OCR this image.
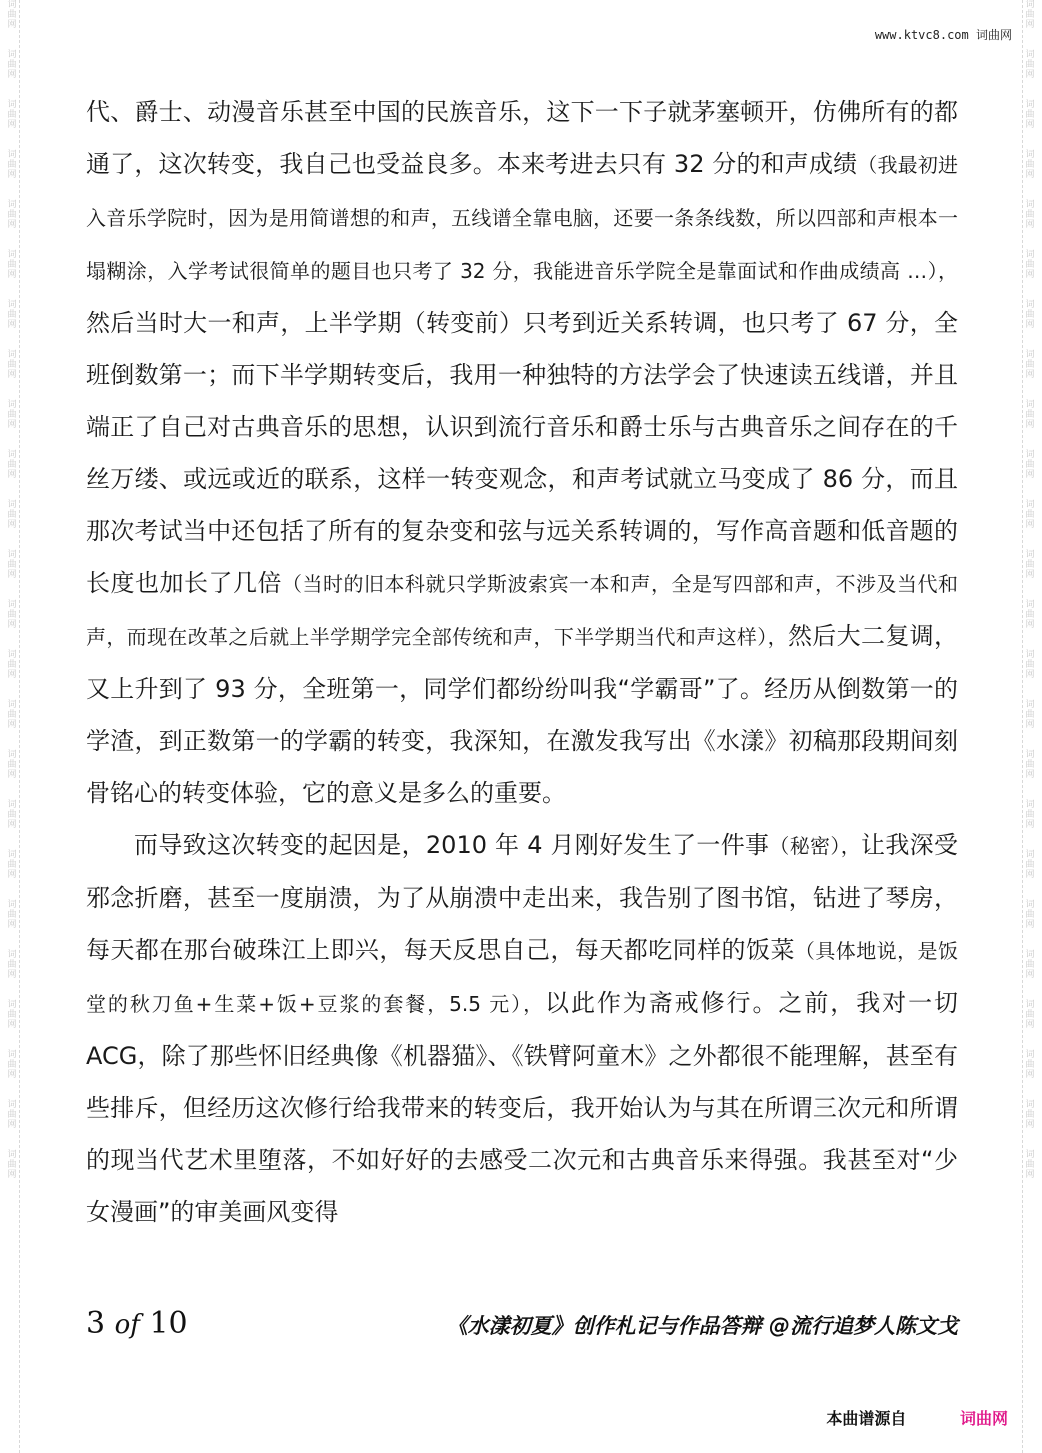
词
曲
网

词
曲
网

词
曲
网

词
曲
网

词
曲
网

词
曲
网

词
曲
网

词
曲
网

词
曲
网

词
曲
网

词
曲
网

词
曲
网

词
曲
网

词
曲
网

词
曲
网

词
曲
网

词
曲
网

词
曲
网

词
曲
网

词
曲
网

词
曲
网

词
曲
网

词
曲
网

词
曲
网
词
曲
网

词
曲
网

词
曲
网

词
曲
网

词
曲
网

词
曲
网

词
曲
网

词
曲
网

词
曲
网

词
曲
网

词
曲
网

词
曲
网

词
曲
网

词
曲
网

词
曲
网

词
曲
网

词
曲
网

词
曲
网

词
曲
网

词
曲
网

词
曲
网

词
曲
网

词
曲
网

词
曲
网
www.ktvc8.com 词曲网

代、爵士、动漫音乐甚至中国的民族音乐，这下一下子就茅塞顿开，仿佛所有的都通了，这次转变，我自己也受益良多。本来考进去只有 32 分的和声成绩（我最初进入音乐学院时，因为是用简谱想的和声，五线谱全靠电脑，还要一条条线数，所以四部和声根本一塌糊涂，入学考试很简单的题目也只考了 32 分，我能进音乐学院全是靠面试和作曲成绩高 …），然后当时大一和声，上半学期（转变前）只考到近关系转调，也只考了 67 分，全班倒数第一；而下半学期转变后，我用一种独特的方法学会了快速读五线谱，并且端正了自己对古典音乐的思想，认识到流行音乐和爵士乐与古典音乐之间存在的千丝万缕、或远或近的联系，这样一转变观念，和声考试就立马变成了 86 分，而且那次考试当中还包括了所有的复杂变和弦与远关系转调的，写作高音题和低音题的长度也加长了几倍（当时的旧本科就只学斯波索宾一本和声，全是写四部和声，不涉及当代和声，而现在改革之后就上半学期学完全部传统和声，下半学期当代和声这样），然后大二复调，又上升到了 93 分，全班第一，同学们都纷纷叫我“学霸哥”了。经历从倒数第一的学渣，到正数第一的学霸的转变，我深知，在激发我写出《水漾》初稿那段期间刻骨铭心的转变体验，它的意义是多么的重要。

而导致这次转变的起因是，2010 年 4 月刚好发生了一件事（秘密），让我深受邪念折磨，甚至一度崩溃，为了从崩溃中走出来，我告别了图书馆，钻进了琴房，每天都在那台破珠江上即兴，每天反思自己，每天都吃同样的饭菜（具体地说，是饭堂的秋刀鱼+生菜+饭+豆浆的套餐，5.5 元），以此作为斋戒修行。之前，我对一切 ACG，除了那些怀旧经典像《机器猫》、《铁臂阿童木》之外都很不能理解，甚至有些排斥，但经历这次修行给我带来的转变后，我开始认为与其在所谓三次元和所谓的现当代艺术里堕落，不如好好的去感受二次元和古典音乐来得强。我甚至对“少女漫画”的审美画风变得

3 of 10	《水漾初夏》创作札记与作品答辩 @流行追梦人陈文戈
本曲谱源自	词曲网
